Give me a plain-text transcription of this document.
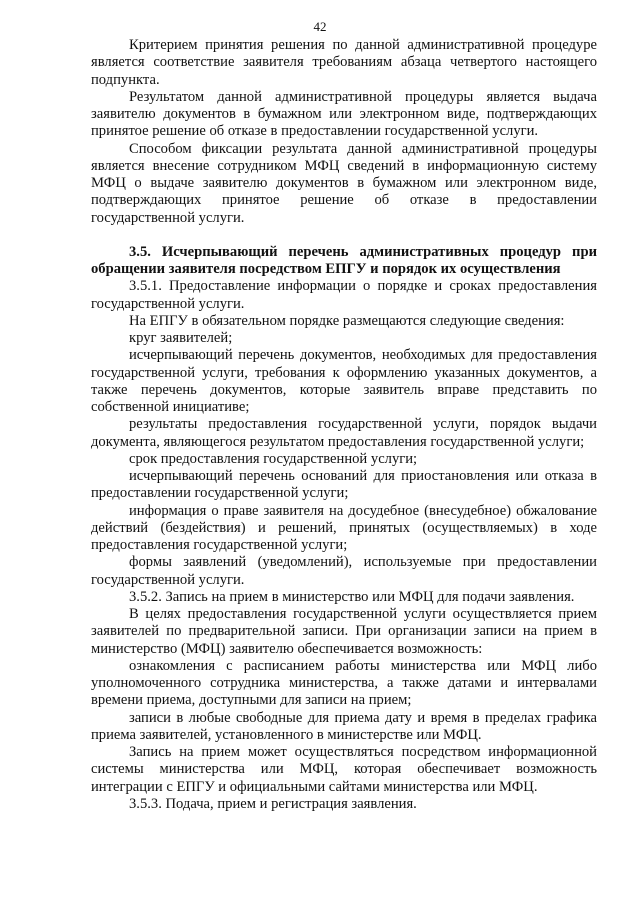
42

Критерием принятия решения по данной административной процедуре является соответствие заявителя требованиям абзаца четвертого настоящего подпункта.

Результатом данной административной процедуры является выдача заявителю документов в бумажном или электронном виде, подтверждающих принятое решение об отказе в предоставлении государственной услуги.

Способом фиксации результата данной административной процедуры является внесение сотрудником МФЦ сведений в информационную систему МФЦ о выдаче заявителю документов в бумажном или электронном виде, подтверждающих принятое решение об отказе в предоставлении государственной услуги.

3.5. Исчерпывающий перечень административных процедур при обращении заявителя посредством ЕПГУ и порядок их осуществления

3.5.1. Предоставление информации о порядке и сроках предоставления государственной услуги.

На ЕПГУ в обязательном порядке размещаются следующие сведения:

круг заявителей;

исчерпывающий перечень документов, необходимых для предоставления государственной услуги, требования к оформлению указанных документов, а также перечень документов, которые заявитель вправе представить по собственной инициативе;

результаты предоставления государственной услуги, порядок выдачи документа, являющегося результатом предоставления государственной услуги;

срок предоставления государственной услуги;

исчерпывающий перечень оснований для приостановления или отказа в предоставлении государственной услуги;

информация о праве заявителя на досудебное (внесудебное) обжалование действий (бездействия) и решений, принятых (осуществляемых) в ходе предоставления государственной услуги;

формы заявлений (уведомлений), используемые при предоставлении государственной услуги.

3.5.2. Запись на прием в министерство или МФЦ для подачи заявления.

В целях предоставления государственной услуги осуществляется прием заявителей по предварительной записи. При организации записи на прием в министерство (МФЦ) заявителю обеспечивается возможность:

ознакомления с расписанием работы министерства или МФЦ либо уполномоченного сотрудника министерства, а также датами и интервалами времени приема, доступными для записи на прием;

записи в любые свободные для приема дату и время в пределах графика приема заявителей, установленного в министерстве или МФЦ.

Запись на прием может осуществляться посредством информационной системы министерства или МФЦ, которая обеспечивает возможность интеграции с ЕПГУ и официальными сайтами министерства или МФЦ.

3.5.3. Подача, прием и регистрация заявления.
